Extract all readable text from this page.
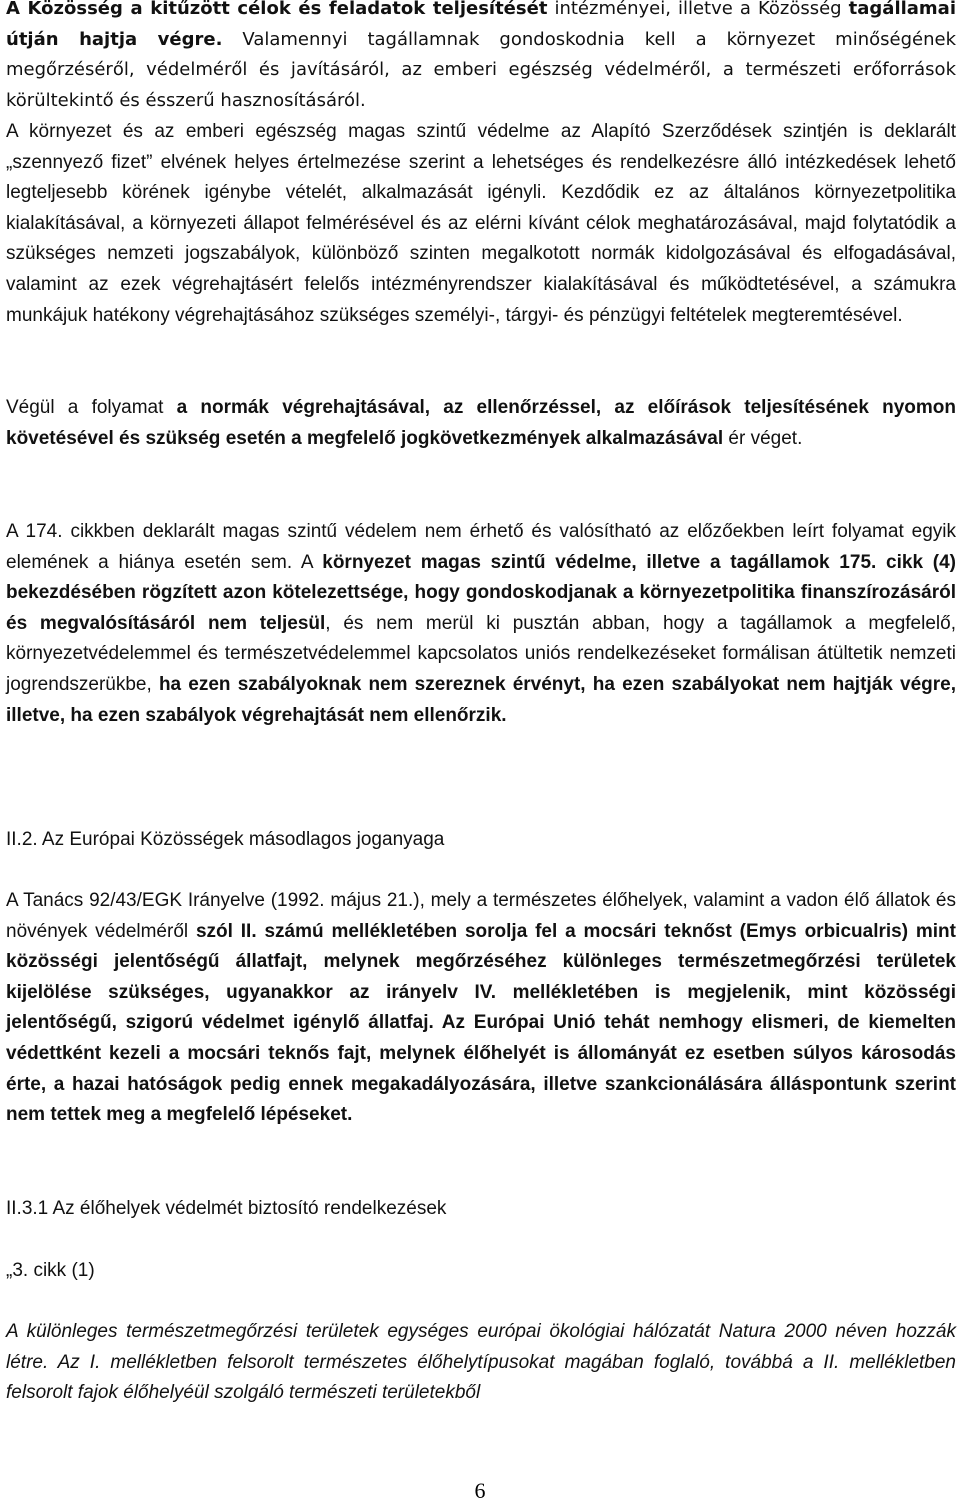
A Közösség a kitűzött célok és feladatok teljesítését intézményei, illetve a Közösség tagállamai útján hajtja végre. Valamennyi tagállamnak gondoskodnia kell a környezet minőségének megőrzéséről, védelméről és javításáról, az emberi egészség védelméről, a természeti erőforrások körültekintő és ésszerű hasznosításáról.

A környezet és az emberi egészség magas szintű védelme az Alapító Szerződések szintjén is deklarált „szennyező fizet” elvének helyes értelmezése szerint a lehetséges és rendelkezésre álló intézkedések lehető legteljesebb körének igénybe vételét, alkalmazását igényli. Kezdődik ez az általános környezetpolitika kialakításával, a környezeti állapot felmérésével és az elérni kívánt célok meghatározásával, majd folytatódik a szükséges nemzeti jogszabályok, különböző szinten megalkotott normák kidolgozásával és elfogadásával, valamint az ezek végrehajtásért felelős intézményrendszer kialakításával és működtetésével, a számukra munkájuk hatékony végrehajtásához szükséges személyi-, tárgyi- és pénzügyi feltételek megteremtésével.

Végül a folyamat a normák végrehajtásával, az ellenőrzéssel, az előírások teljesítésének nyomon követésével és szükség esetén a megfelelő jogkövetkezmények alkalmazásával ér véget.

A 174. cikkben deklarált magas szintű védelem nem érhető és valósítható az előzőekben leírt folyamat egyik elemének a hiánya esetén sem. A környezet magas szintű védelme, illetve a tagállamok 175. cikk (4) bekezdésében rögzített azon kötelezettsége, hogy gondoskodjanak a környezetpolitika finanszírozásáról és megvalósításáról nem teljesül, és nem merül ki pusztán abban, hogy a tagállamok a megfelelő, környezetvédelemmel és természetvédelemmel kapcsolatos uniós rendelkezéseket formálisan átültetik nemzeti jogrendszerükbe, ha ezen szabályoknak nem szereznek érvényt, ha ezen szabályokat nem hajtják végre, illetve, ha ezen szabályok végrehajtását nem ellenőrzik.

II.2. Az Európai Közösségek másodlagos joganyaga

A Tanács 92/43/EGK Irányelve (1992. május 21.), mely a természetes élőhelyek, valamint a vadon élő állatok és növények védelméről szól II. számú mellékletében sorolja fel a mocsári teknőst (Emys orbicualris) mint közösségi jelentőségű állatfajt, melynek megőrzéséhez különleges természetmegőrzési területek kijelölése szükséges, ugyanakkor az irányelv IV. mellékletében is megjelenik, mint közösségi jelentőségű, szigorú védelmet igénylő állatfaj. Az Európai Unió tehát nemhogy elismeri, de kiemelten védettként kezeli a mocsári teknős fajt, melynek élőhelyét is állományát ez esetben súlyos károsodás érte, a hazai hatóságok pedig ennek megakadályozására, illetve szankcionálására álláspontunk szerint nem tettek meg a megfelelő lépéseket.

II.3.1 Az élőhelyek védelmét biztosító rendelkezések

„3. cikk (1)

A különleges természetmegőrzési területek egységes európai ökológiai hálózatát Natura 2000 néven hozzák létre. Az I. mellékletben felsorolt természetes élőhelytípusokat magában foglaló, továbbá a II. mellékletben felsorolt fajok élőhelyéül szolgáló természeti területekből

6
